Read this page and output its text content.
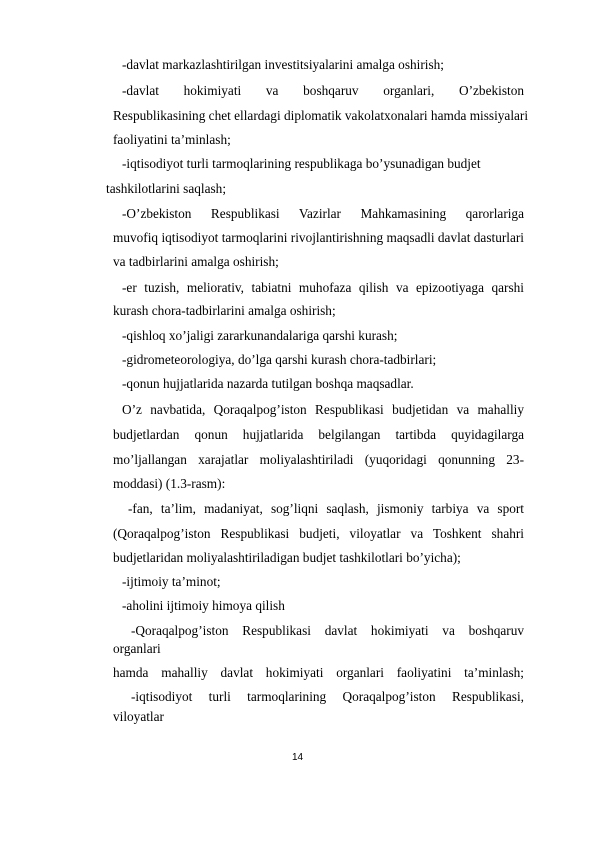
-davlat markazlashtirilgan investitsiyalarini amalga oshirish;
-davlat hokimiyati va boshqaruv organlari, O’zbekiston
Respublikasining chet ellardagi diplomatik vakolatxonalari hamda missiyalari
faoliyatini ta’minlash;
-iqtisodiyot turli tarmoqlarining respublikaga bo’ysunadigan budjet
tashkilotlarini saqlash;
-O’zbekiston Respublikasi Vazirlar Mahkamasining qarorlariga
muvofiq iqtisodiyot tarmoqlarini rivojlantirishning maqsadli davlat dasturlari
va tadbirlarini amalga oshirish;
-er tuzish, meliorativ, tabiatni muhofaza qilish va epizootiyaga qarshi
kurash chora-tadbirlarini amalga oshirish;
-qishloq xo’jaligi zararkunandalariga qarshi kurash;
-gidrometeorologiya, do’lga qarshi kurash chora-tadbirlari;
-qonun hujjatlarida nazarda tutilgan boshqa maqsadlar.
O’z navbatida, Qoraqalpog’iston Respublikasi budjetidan va mahalliy
budjetlardan qonun hujjatlarida belgilangan tartibda quyidagilarga
mo’ljallangan xarajatlar moliyalashtiriladi (yuqoridagi qonunning 23-
moddasi) (1.3-rasm):
-fan, ta’lim, madaniyat, sog’liqni saqlash, jismoniy tarbiya va sport
(Qoraqalpog’iston Respublikasi budjeti, viloyatlar va Toshkent shahri
budjetlaridan moliyalashtiriladigan budjet tashkilotlari bo’yicha);
-ijtimoiy ta’minot;
-aholini ijtimoiy himoya qilish
-Qoraqalpog’iston Respublikasi davlat hokimiyati va boshqaruv
organlari
hamda mahalliy davlat hokimiyati organlari faoliyatini ta’minlash;
-iqtisodiyot turli tarmoqlarining Qoraqalpog’iston Respublikasi,
viloyatlar
14
